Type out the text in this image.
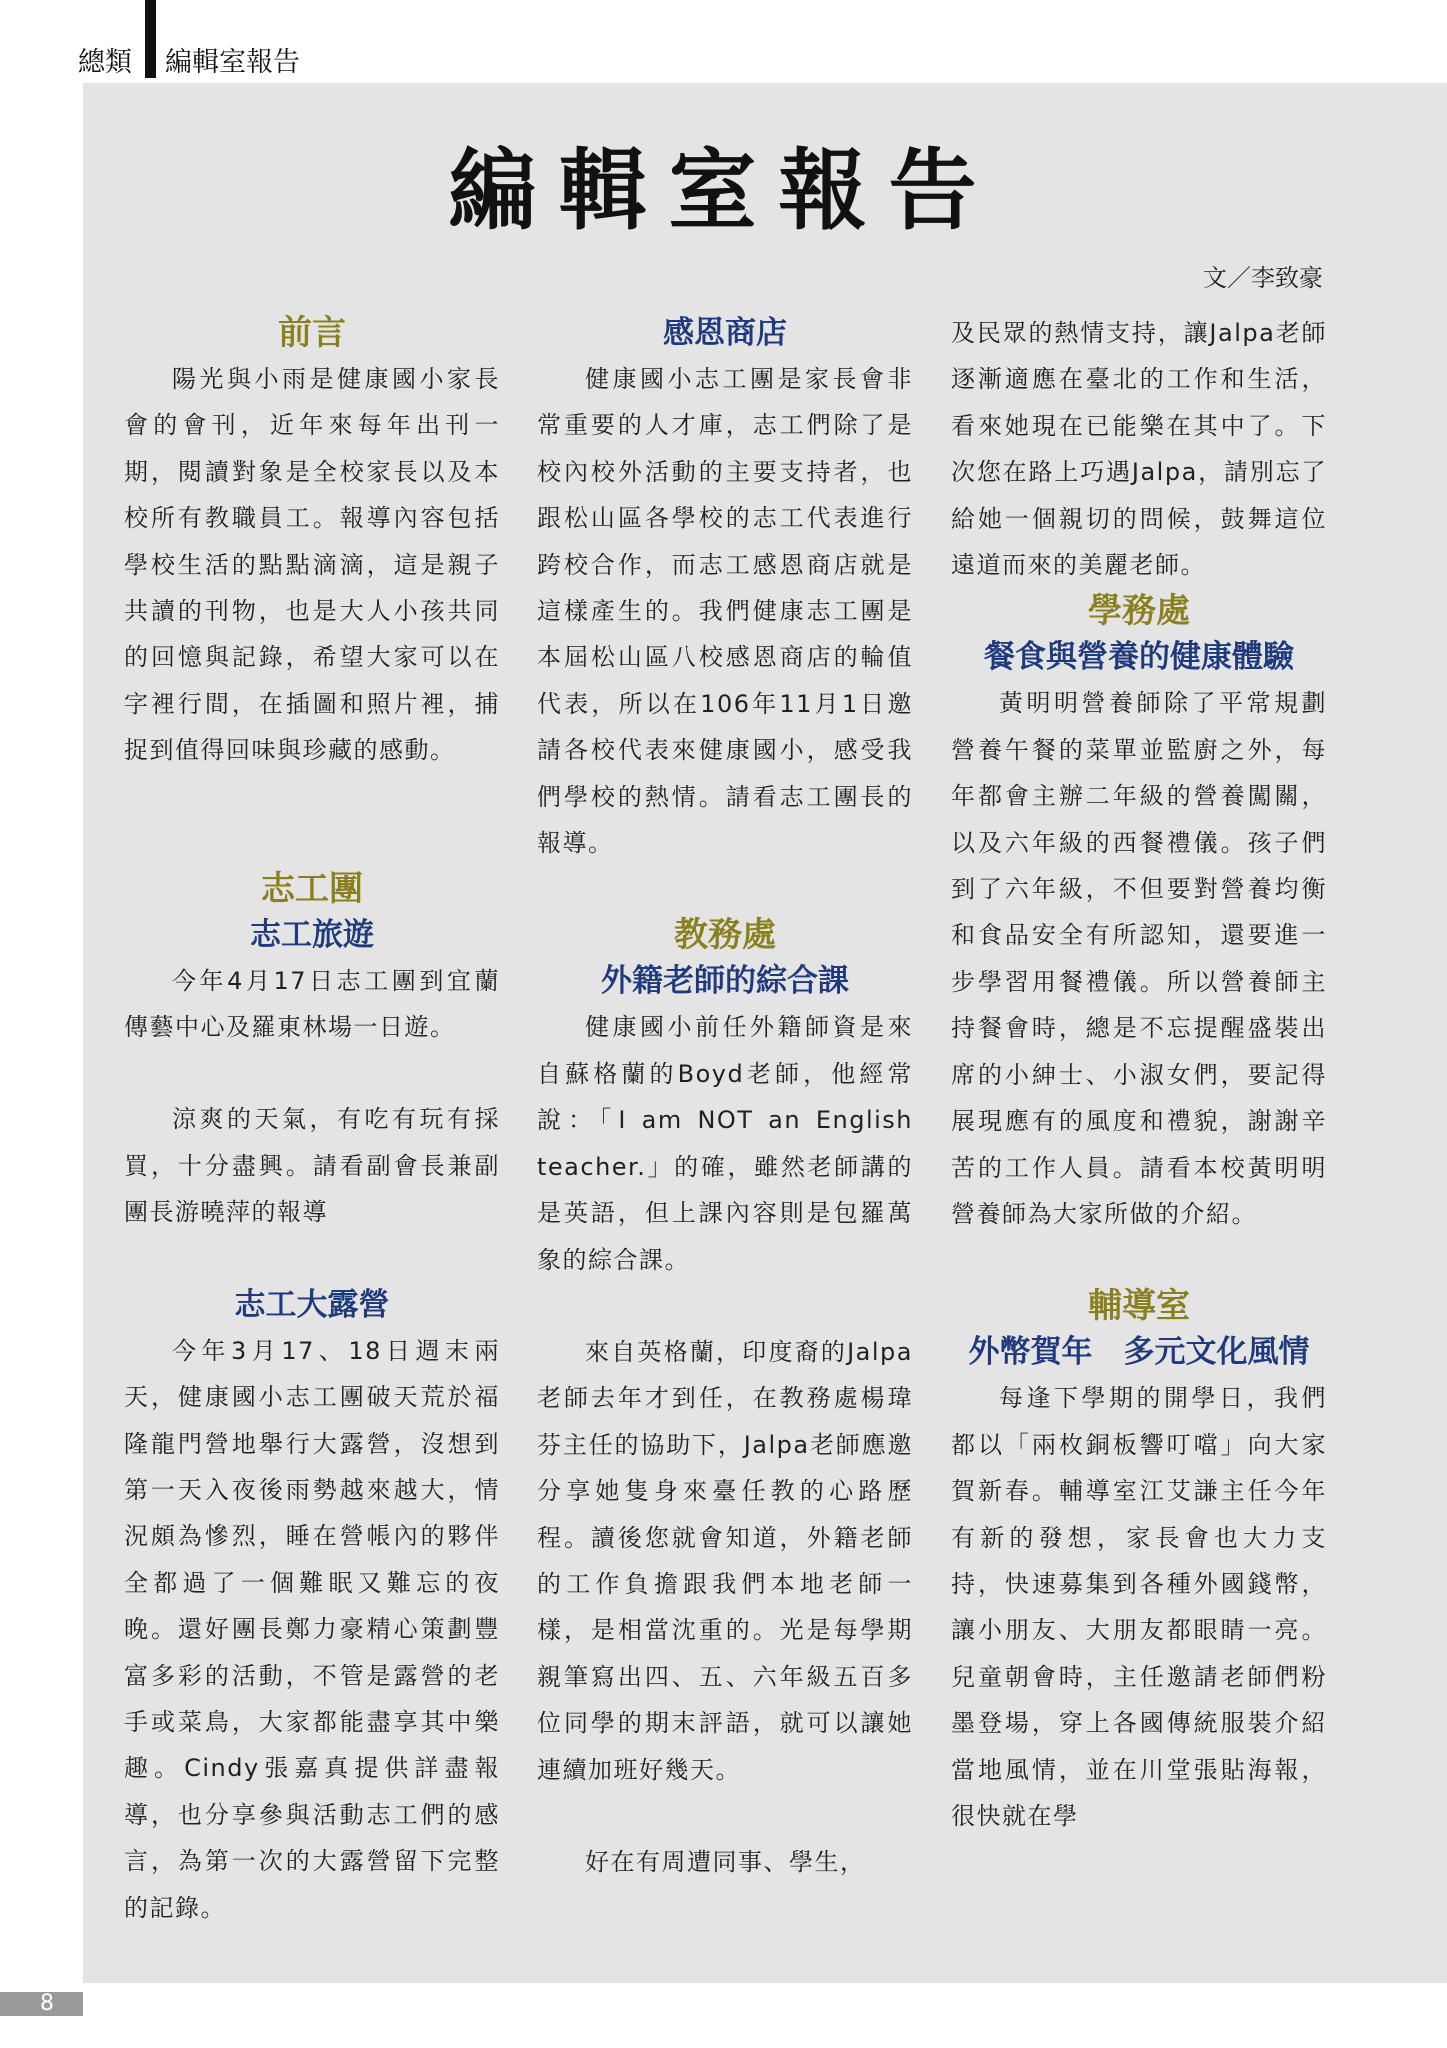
總類 編輯室報告
編輯室報告
文／李致豪
前言

陽光與小雨是健康國小家長會的會刊，近年來每年出刊一期，閱讀對象是全校家長以及本校所有教職員工。報導內容包括學校生活的點點滴滴，這是親子共讀的刊物，也是大人小孩共同的回憶與記錄，希望大家可以在字裡行間，在插圖和照片裡，捕捉到值得回味與珍藏的感動。

志工團
志工旅遊

今年4月17日志工團到宜蘭傳藝中心及羅東林場一日遊。

涼爽的天氣，有吃有玩有採買，十分盡興。請看副會長兼副團長游曉萍的報導

志工大露營

今年3月17、18日週末兩天，健康國小志工團破天荒於福隆龍門營地舉行大露營，沒想到第一天入夜後雨勢越來越大，情況頗為慘烈，睡在營帳內的夥伴全都過了一個難眠又難忘的夜晚。還好團長鄭力豪精心策劃豐富多彩的活動，不管是露營的老手或菜鳥，大家都能盡享其中樂趣。Cindy張嘉真提供詳盡報導，也分享參與活動志工們的感言，為第一次的大露營留下完整的記錄。

感恩商店

健康國小志工團是家長會非常重要的人才庫，志工們除了是校內校外活動的主要支持者，也跟松山區各學校的志工代表進行跨校合作，而志工感恩商店就是這樣產生的。我們健康志工團是本屆松山區八校感恩商店的輪值代表，所以在106年11月1日邀請各校代表來健康國小，感受我們學校的熱情。請看志工團長的報導。

教務處
外籍老師的綜合課

健康國小前任外籍師資是來自蘇格蘭的Boyd老師，他經常說：「I am NOT an English teacher.」的確，雖然老師講的是英語，但上課內容則是包羅萬象的綜合課。

來自英格蘭，印度裔的Jalpa老師去年才到任，在教務處楊瑋芬主任的協助下，Jalpa老師應邀分享她隻身來臺任教的心路歷程。讀後您就會知道，外籍老師的工作負擔跟我們本地老師一樣，是相當沈重的。光是每學期親筆寫出四、五、六年級五百多位同學的期末評語，就可以讓她連續加班好幾天。

好在有周遭同事、學生，

及民眾的熱情支持，讓Jalpa老師逐漸適應在臺北的工作和生活，看來她現在已能樂在其中了。下次您在路上巧遇Jalpa，請別忘了給她一個親切的問候，鼓舞這位遠道而來的美麗老師。

學務處
餐食與營養的健康體驗

黃明明營養師除了平常規劃營養午餐的菜單並監廚之外，每年都會主辦二年級的營養闖關，以及六年級的西餐禮儀。孩子們到了六年級，不但要對營養均衡和食品安全有所認知，還要進一步學習用餐禮儀。所以營養師主持餐會時，總是不忘提醒盛裝出席的小紳士、小淑女們，要記得展現應有的風度和禮貌，謝謝辛苦的工作人員。請看本校黃明明營養師為大家所做的介紹。

輔導室
外幣賀年　多元文化風情

每逢下學期的開學日，我們都以「兩枚銅板響叮噹」向大家賀新春。輔導室江艾謙主任今年有新的發想，家長會也大力支持，快速募集到各種外國錢幣，讓小朋友、大朋友都眼睛一亮。兒童朝會時，主任邀請老師們粉墨登場，穿上各國傳統服裝介紹當地風情，並在川堂張貼海報，很快就在學

8
